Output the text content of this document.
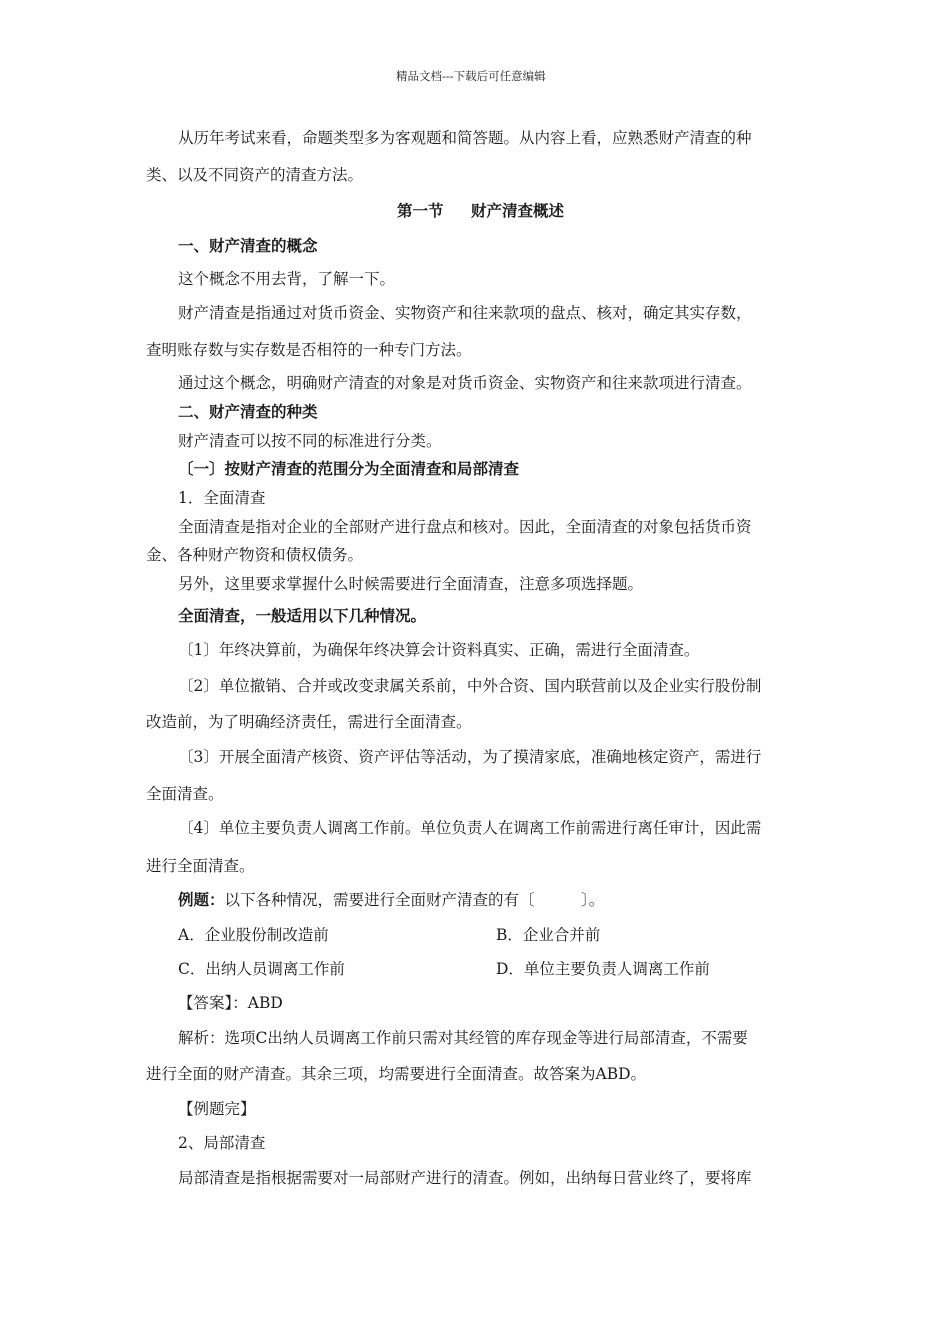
精品文档---下载后可任意编辑
从历年考试来看，命题类型多为客观题和简答题。从内容上看，应熟悉财产清查的种
类、以及不同资产的清查方法。
第一节 财产清查概述
一、财产清查的概念
这个概念不用去背，了解一下。
财产清查是指通过对货币资金、实物资产和往来款项的盘点、核对，确定其实存数，
查明账存数与实存数是否相符的一种专门方法。
通过这个概念，明确财产清查的对象是对货币资金、实物资产和往来款项进行清查。
二、财产清查的种类
财产清查可以按不同的标准进行分类。
〔一〕按财产清查的范围分为全面清查和局部清查
1．全面清查
全面清查是指对企业的全部财产进行盘点和核对。因此，全面清查的对象包括货币资
金、各种财产物资和债权债务。
另外，这里要求掌握什么时候需要进行全面清查，注意多项选择题。
全面清查，一般适用以下几种情况。
〔1〕年终决算前，为确保年终决算会计资料真实、正确，需进行全面清查。
〔2〕单位撤销、合并或改变隶属关系前，中外合资、国内联营前以及企业实行股份制
改造前，为了明确经济责任，需进行全面清查。
〔3〕开展全面清产核资、资产评估等活动，为了摸清家底，准确地核定资产，需进行
全面清查。
〔4〕单位主要负责人调离工作前。单位负责人在调离工作前需进行离任审计，因此需
进行全面清查。
例题：以下各种情况，需要进行全面财产清查的有〔　　　〕。
A．企业股份制改造前	B．企业合并前
C．出纳人员调离工作前	D．单位主要负责人调离工作前
【答案】：ABD
解析：选项C出纳人员调离工作前只需对其经管的库存现金等进行局部清查，不需要
进行全面的财产清查。其余三项，均需要进行全面清查。故答案为ABD。
【例题完】
2、局部清查
局部清查是指根据需要对一局部财产进行的清查。例如，出纳每日营业终了，要将库
